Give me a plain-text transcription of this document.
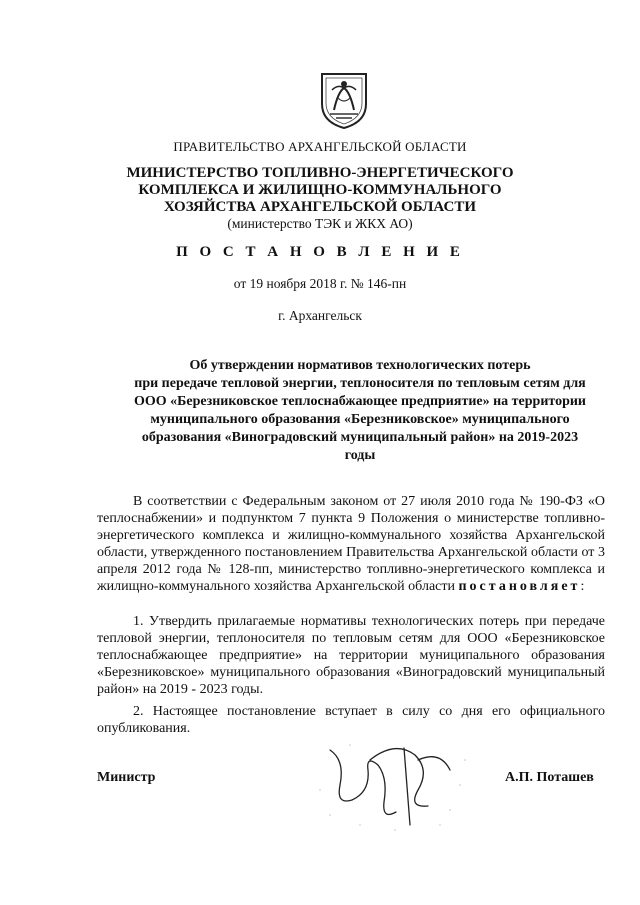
ПРАВИТЕЛЬСТВО АРХАНГЕЛЬСКОЙ ОБЛАСТИ
МИНИСТЕРСТВО ТОПЛИВНО-ЭНЕРГЕТИЧЕСКОГО
КОМПЛЕКСА И ЖИЛИЩНО-КОММУНАЛЬНОГО
ХОЗЯЙСТВА АРХАНГЕЛЬСКОЙ ОБЛАСТИ
(министерство ТЭК и ЖКХ АО)
П О С Т А Н О В Л Е Н И Е
от 19 ноября 2018 г. № 146-пн
г. Архангельск
Об утверждении нормативов технологических потерь
при передаче тепловой энергии, теплоносителя по тепловым сетям для
ООО «Березниковское теплоснабжающее предприятие» на территории
муниципального образования «Березниковское» муниципального
образования «Виноградовский муниципальный район» на 2019-2023
годы
В соответствии с Федеральным законом от 27 июля 2010 года № 190-ФЗ «О теплоснабжении» и подпунктом 7 пункта 9 Положения о министерстве топливно-энергетического комплекса и жилищно-коммунального хозяйства Архангельской области, утвержденного постановлением Правительства Архангельской области от 3 апреля 2012 года № 128-пп, министерство топливно-энергетического комплекса и жилищно-коммунального хозяйства Архангельской области постановляет:
1. Утвердить прилагаемые нормативы технологических потерь при передаче тепловой энергии, теплоносителя по тепловым сетям для ООО «Березниковское теплоснабжающее предприятие» на территории муниципального образования «Березниковское» муниципального образования «Виноградовский муниципальный район» на 2019 - 2023 годы.
2. Настоящее постановление вступает в силу со дня его официального опубликования.
Министр	А.П. Поташев
